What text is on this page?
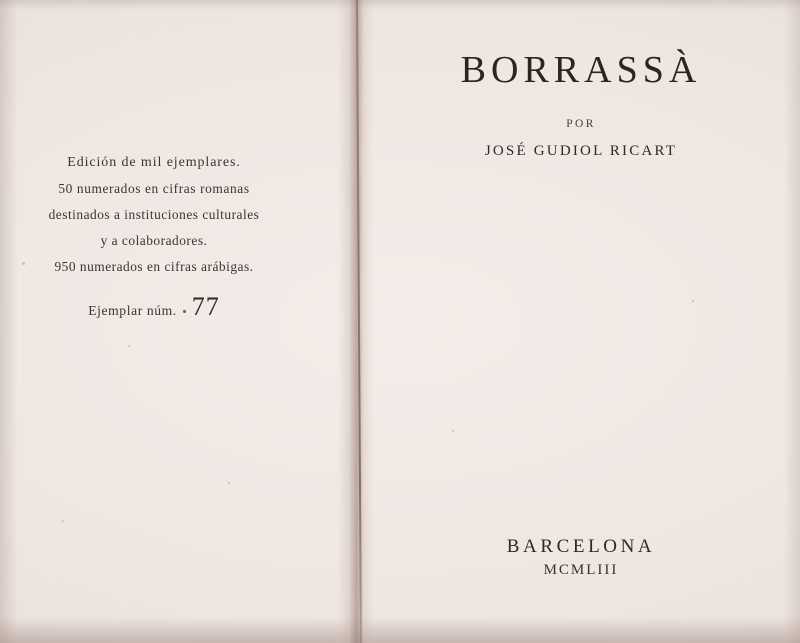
Edición de mil ejemplares.
50 numerados en cifras romanas
destinados a instituciones culturales
y a colaboradores.
950 numerados en cifras arábigas.
Ejemplar núm. 77
BORRASSÀ
POR
JOSÉ GUDIOL RICART
BARCELONA
MCMLIII
